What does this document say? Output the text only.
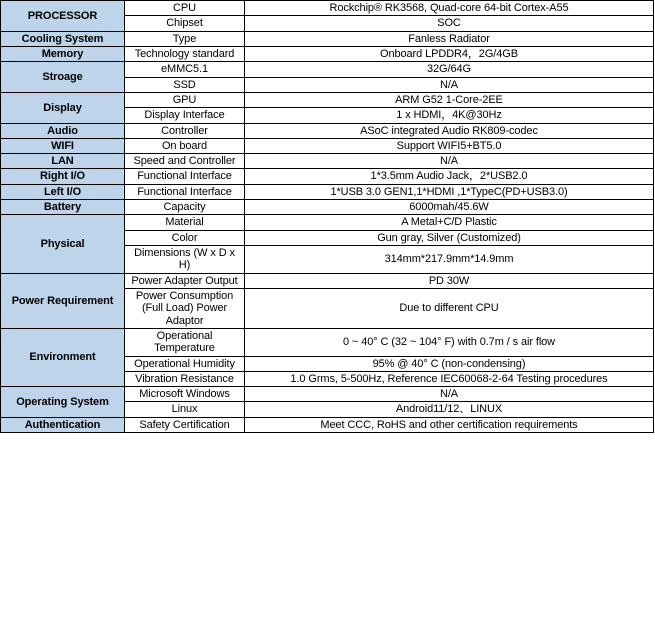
PROCESSOR	CPU	Rockchip® RK3568, Quad-core 64-bit Cortex-A55
	Chipset	SOC
Cooling System	Type	Fanless Radiator
Memory	Technology standard	Onboard LPDDR4，2G/4GB
Stroage	eMMC5.1	32G/64G
	SSD	N/A
Display	GPU	ARM G52 1-Core-2EE
	Display Interface	1 x HDMI，4K@30Hz
Audio	Controller	ASoC integrated Audio RK809-codec
WIFI	On board	Support WIFI5+BT5.0
LAN	Speed and Controller	N/A
Right I/O	Functional Interface	1*3.5mm Audio Jack，2*USB2.0
Left I/O	Functional Interface	1*USB 3.0 GEN1,1*HDMI ,1*TypeC(PD+USB3.0)
Battery	Capacity	6000mah/45.6W
Physical	Material	A Metal+C/D Plastic
	Color	Gun gray, Silver (Customized)
	Dimensions (W x D x H)	314mm*217.9mm*14.9mm
Power Requirement	Power Adapter Output	PD 30W
	Power Consumption (Full Load) Power Adaptor	Due to different CPU
Environment	Operational Temperature	0 ~ 40° C (32 ~ 104° F) with 0.7m / s air flow
	Operational Humidity	95% @ 40° C (non-condensing)
	Vibration Resistance	1.0 Grms, 5-500Hz, Reference IEC60068-2-64 Testing procedures
Operating System	Microsoft Windows	N/A
	Linux	Android11/12、LINUX
Authentication	Safety Certification	Meet CCC, RoHS and other certification requirements
